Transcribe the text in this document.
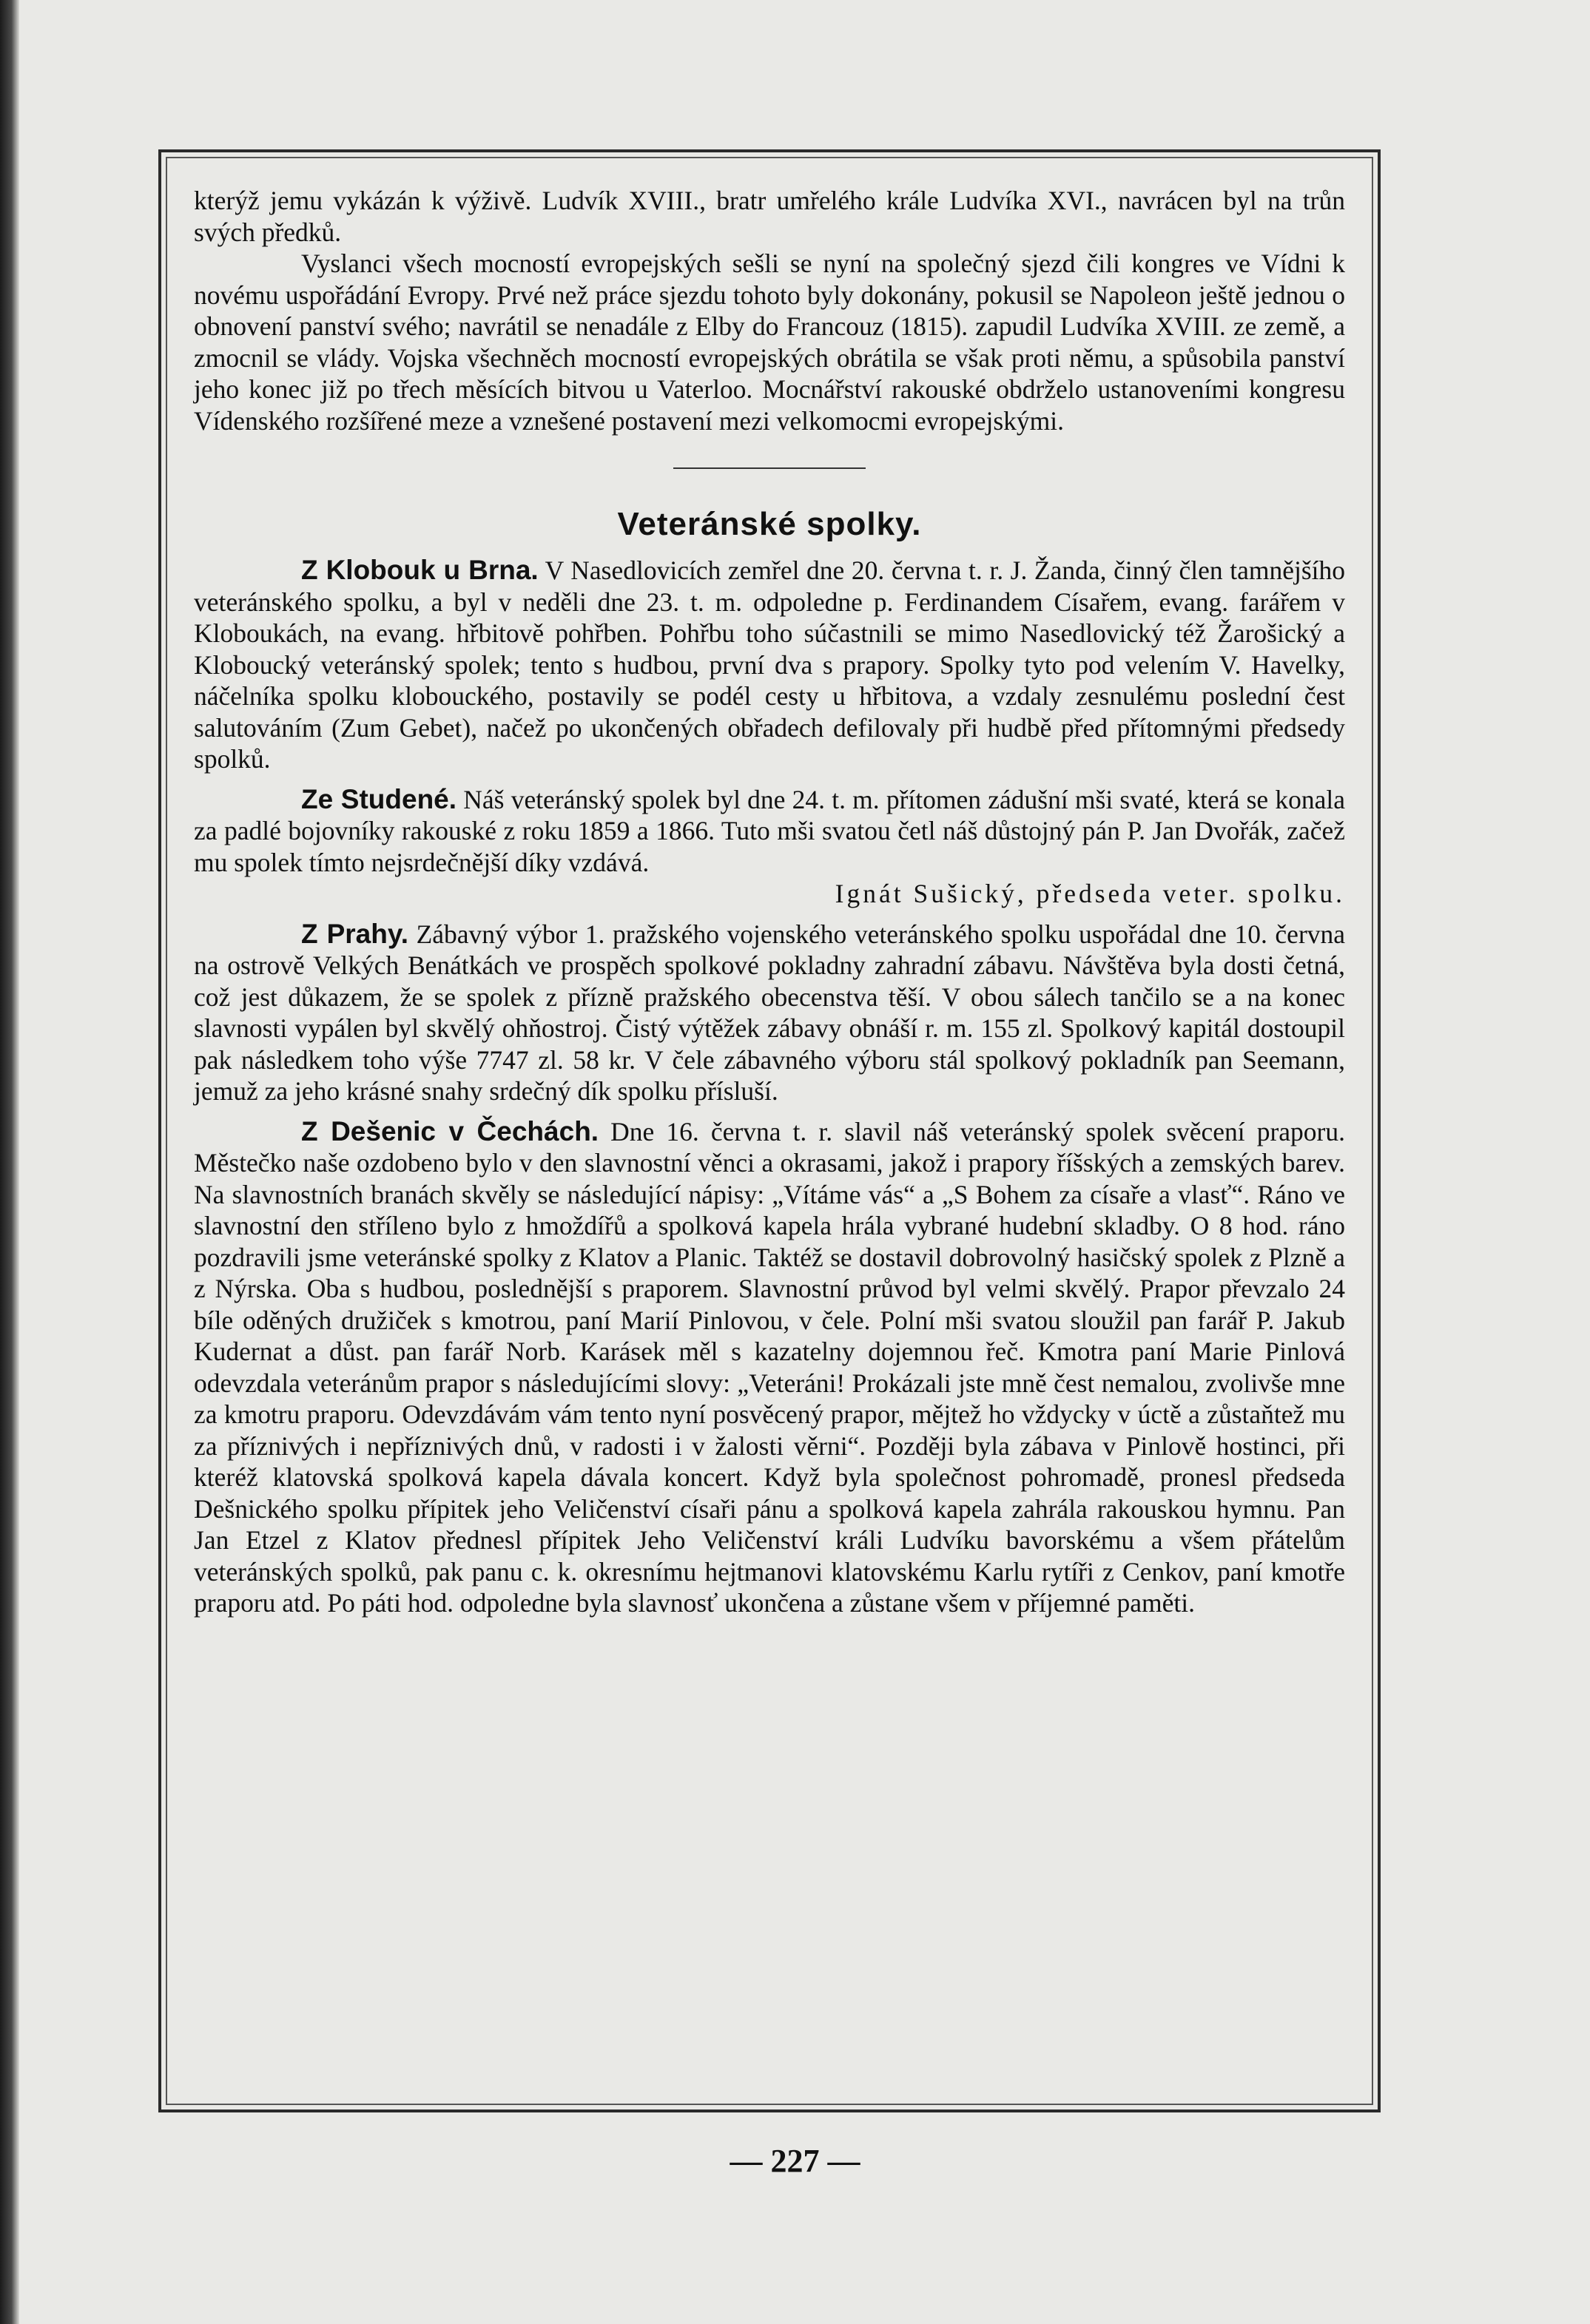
kterýž jemu vykázán k výživě. Ludvík XVIII., bratr umřelého krále Ludvíka XVI., navrácen byl na trůn svých předků.

Vyslanci všech mocností evropejských sešli se nyní na společný sjezd čili kongres ve Vídni k novému uspořádání Evropy. Prvé než práce sjezdu tohoto byly dokonány, pokusil se Napoleon ještě jednou o obnovení panství svého; navrátil se nenadále z Elby do Francouz (1815). zapudil Ludvíka XVIII. ze země, a zmocnil se vlády. Vojska všechněch mocností evropejských obrátila se však proti němu, a spůsobila panství jeho konec již po třech měsících bitvou u Vaterloo. Mocnářství rakouské obdrželo ustanoveními kongresu Vídenského rozšířené meze a vznešené postavení mezi velkomocmi evropejskými.

Veteránské spolky.

Z Klobouk u Brna. V Nasedlovicích zemřel dne 20. června t. r. J. Žanda, činný člen tamnějšího veteránského spolku, a byl v neděli dne 23. t. m. odpoledne p. Ferdinandem Císařem, evang. farářem v Kloboukách, na evang. hřbitově pohřben. Pohřbu toho súčastnili se mimo Nasedlovický též Žarošický a Kloboucký veteránský spolek; tento s hudbou, první dva s prapory. Spolky tyto pod velením V. Havelky, náčelníka spolku klobouckého, postavily se podél cesty u hřbitova, a vzdaly zesnulému poslední čest salutováním (Zum Gebet), načež po ukončených obřadech defilovaly při hudbě před přítomnými předsedy spolků.

Ze Studené. Náš veteránský spolek byl dne 24. t. m. přítomen zádušní mši svaté, která se konala za padlé bojovníky rakouské z roku 1859 a 1866. Tuto mši svatou četl náš důstojný pán P. Jan Dvořák, začež mu spolek tímto nejsrdečnější díky vzdává.
Ignát Sušický, předseda veter. spolku.

Z Prahy. Zábavný výbor 1. pražského vojenského veteránského spolku uspořádal dne 10. června na ostrově Velkých Benátkách ve prospěch spolkové pokladny zahradní zábavu. Návštěva byla dosti četná, což jest důkazem, že se spolek z přízně pražského obecenstva těší. V obou sálech tančilo se a na konec slavnosti vypálen byl skvělý ohňostroj. Čistý výtěžek zábavy obnáší r. m. 155 zl. Spolkový kapitál dostoupil pak následkem toho výše 7747 zl. 58 kr. V čele zábavného výboru stál spolkový pokladník pan Seemann, jemuž za jeho krásné snahy srdečný dík spolku přísluší.

Z Dešenic v Čechách. Dne 16. června t. r. slavil náš veteránský spolek svěcení praporu. Městečko naše ozdobeno bylo v den slavnostní věnci a okrasami, jakož i prapory říšských a zemských barev. Na slavnostních branách skvěly se následující nápisy: „Vítáme vás“ a „S Bohem za císaře a vlasť“. Ráno ve slavnostní den stříleno bylo z hmoždířů a spolková kapela hrála vybrané hudební skladby. O 8 hod. ráno pozdravili jsme veteránské spolky z Klatov a Planic. Taktéž se dostavil dobrovolný hasičský spolek z Plzně a z Nýrska. Oba s hudbou, poslednější s praporem. Slavnostní průvod byl velmi skvělý. Prapor převzalo 24 bíle oděných družiček s kmotrou, paní Marií Pinlovou, v čele. Polní mši svatou sloužil pan farář P. Jakub Kudernat a důst. pan farář Norb. Karásek měl s kazatelny dojemnou řeč. Kmotra paní Marie Pinlová odevzdala veteránům prapor s následujícími slovy: „Veteráni! Prokázali jste mně čest nemalou, zvolivše mne za kmotru praporu. Odevzdávám vám tento nyní posvěcený prapor, mějtež ho vždycky v úctě a zůstaňtež mu za příznivých i nepříznivých dnů, v radosti i v žalosti věrni“. Později byla zábava v Pinlově hostinci, při kteréž klatovská spolková kapela dávala koncert. Když byla společnost pohromadě, pronesl předseda Dešnického spolku přípitek jeho Veličenství císaři pánu a spolková kapela zahrála rakouskou hymnu. Pan Jan Etzel z Klatov přednesl přípitek Jeho Veličenství králi Ludvíku bavorskému a všem přátelům veteránských spolků, pak panu c. k. okresnímu hejtmanovi klatovskému Karlu rytíři z Cenkov, paní kmotře praporu atd. Po páti hod. odpoledne byla slavnosť ukončena a zůstane všem v příjemné paměti.

— 227 —
